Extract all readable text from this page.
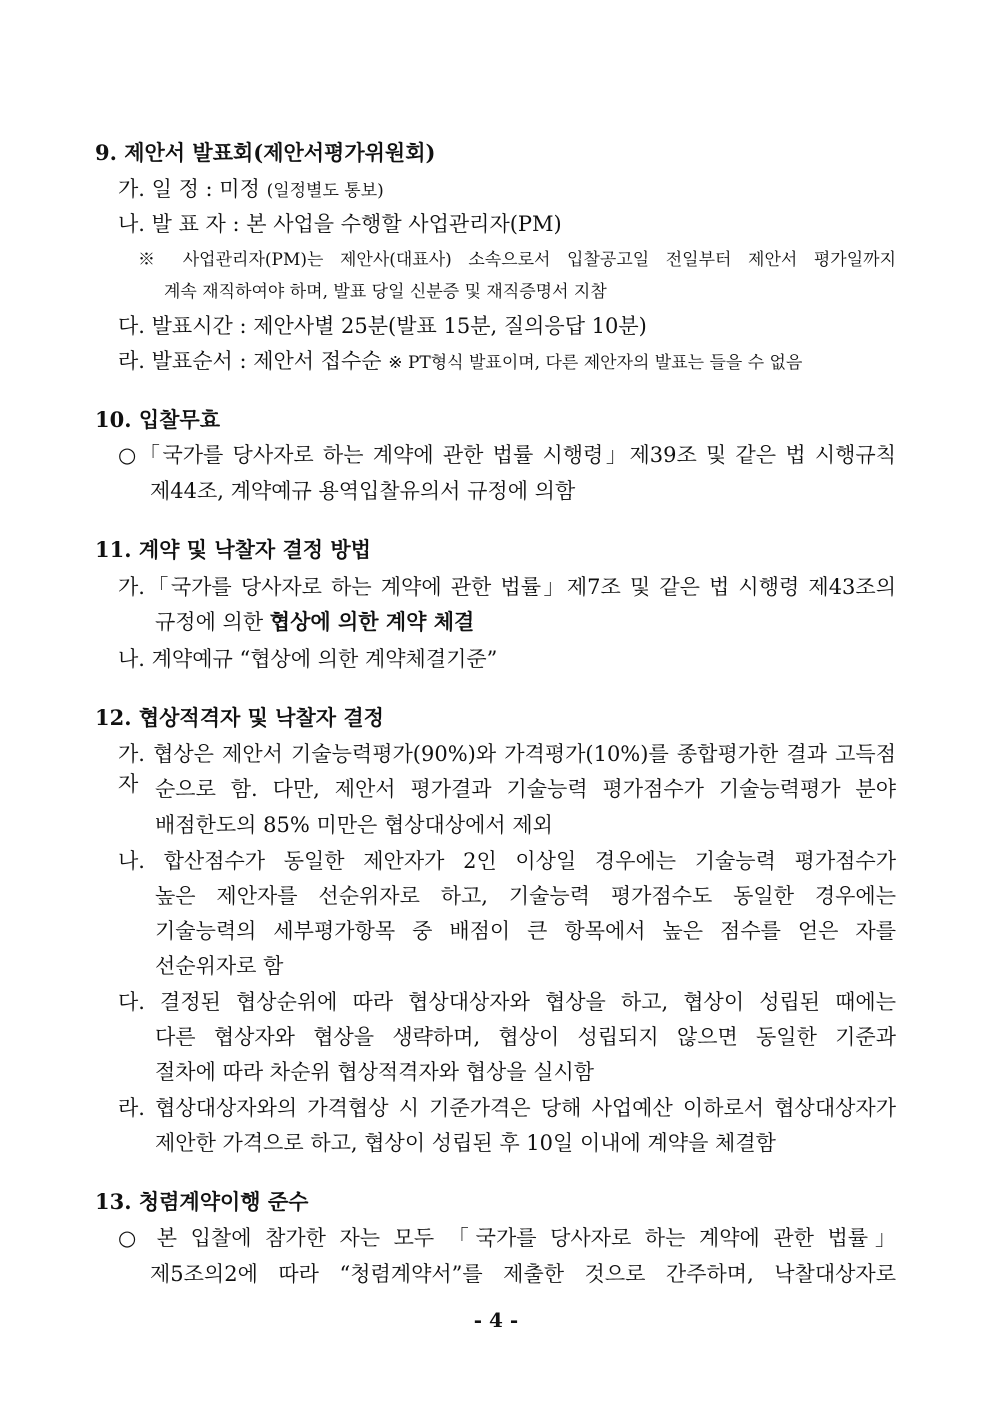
9. 제안서 발표회(제안서평가위원회)
가. 일 정 : 미정 (일정별도 통보)
나. 발 표 자 : 본 사업을 수행할 사업관리자(PM)
※ 사업관리자(PM)는 제안사(대표사) 소속으로서 입찰공고일 전일부터 제안서 평가일까지
계속 재직하여야 하며, 발표 당일 신분증 및 재직증명서 지참
다. 발표시간 : 제안사별 25분(발표 15분, 질의응답 10분)
라. 발표순서 : 제안서 접수순 ※ PT형식 발표이며, 다른 제안자의 발표는 들을 수 없음
10. 입찰무효
○「국가를 당사자로 하는 계약에 관한 법률 시행령」제39조 및 같은 법 시행규칙
제44조, 계약예규 용역입찰유의서 규정에 의함
11. 계약 및 낙찰자 결정 방법
가.「국가를 당사자로 하는 계약에 관한 법률」제7조 및 같은 법 시행령 제43조의
규정에 의한 협상에 의한 계약 체결
나. 계약예규 “협상에 의한 계약체결기준”
12. 협상적격자 및 낙찰자 결정
가. 협상은 제안서 기술능력평가(90%)와 가격평가(10%)를 종합평가한 결과 고득점자 순으로 함. 다만, 제안서 평가결과 기술능력 평가점수가 기술능력평가 분야
배점한도의 85% 미만은 협상대상에서 제외
나. 합산점수가 동일한 제안자가 2인 이상일 경우에는 기술능력 평가점수가
높은 제안자를 선순위자로 하고, 기술능력 평가점수도 동일한 경우에는
기술능력의 세부평가항목 중 배점이 큰 항목에서 높은 점수를 얻은 자를
선순위자로 함
다. 결정된 협상순위에 따라 협상대상자와 협상을 하고, 협상이 성립된 때에는
다른 협상자와 협상을 생략하며, 협상이 성립되지 않으면 동일한 기준과
절차에 따라 차순위 협상적격자와 협상을 실시함
라. 협상대상자와의 가격협상 시 기준가격은 당해 사업예산 이하로서 협상대상자가
제안한 가격으로 하고, 협상이 성립된 후 10일 이내에 계약을 체결함
13. 청렴계약이행 준수
○ 본 입찰에 참가한 자는 모두 「국가를 당사자로 하는 계약에 관한 법률」
제5조의2에 따라 “청렴계약서”를 제출한 것으로 간주하며, 낙찰대상자로
- 4 -
